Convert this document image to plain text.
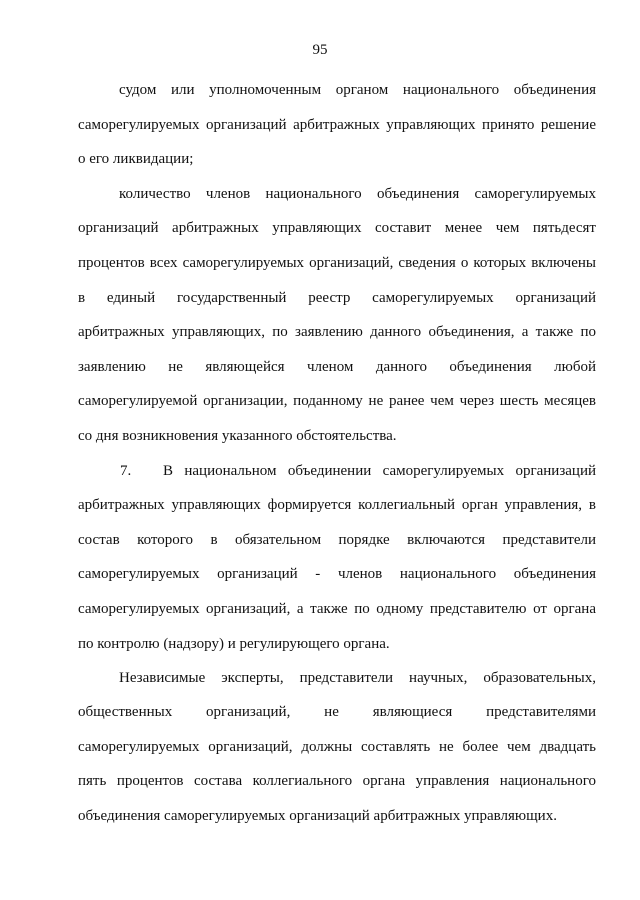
95
судом или уполномоченным органом национального объединения
саморегулируемых организаций арбитражных управляющих принято решение
о его ликвидации;
количество членов национального объединения саморегулируемых
организаций арбитражных управляющих составит менее чем пятьдесят
процентов всех саморегулируемых организаций, сведения о которых включены
в единый государственный реестр саморегулируемых организаций
арбитражных управляющих, по заявлению данного объединения, а также по
заявлению не являющейся членом данного объединения любой
саморегулируемой организации, поданному не ранее чем через шесть месяцев
со дня возникновения указанного обстоятельства.
7. В национальном объединении саморегулируемых организаций
арбитражных управляющих формируется коллегиальный орган управления, в
состав которого в обязательном порядке включаются представители
саморегулируемых организаций - членов национального объединения
саморегулируемых организаций, а также по одному представителю от органа
по контролю (надзору) и регулирующего органа.
Независимые эксперты, представители научных, образовательных,
общественных организаций, не являющиеся представителями
саморегулируемых организаций, должны составлять не более чем двадцать
пять процентов состава коллегиального органа управления национального
объединения саморегулируемых организаций арбитражных управляющих.
